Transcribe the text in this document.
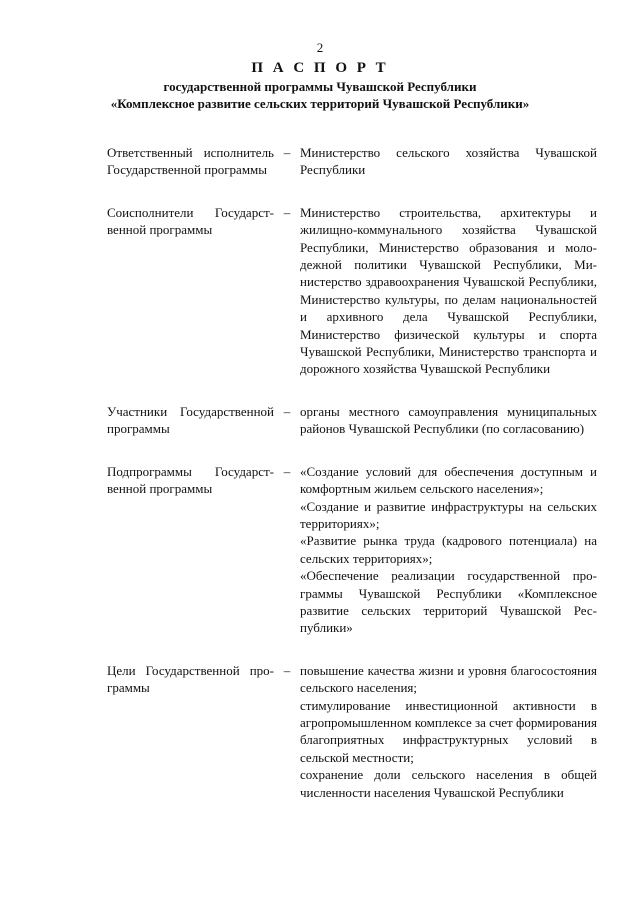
2
П А С П О Р Т
государственной программы Чувашской Республики
«Комплексное развитие сельских территорий Чувашской Республики»
Ответственный исполнитель Государственной программы
– Министерство сельского хозяйства Чувашской Республики

Соисполнители Государственной программы
– Министерство строительства, архитектуры и жилищно-коммунального хозяйства Чувашской Республики, Министерство образования и молодежной политики Чувашской Республики, Министерство здравоохранения Чувашской Республики, Министерство культуры, по делам национальностей и архивного дела Чувашской Республики, Министерство физической культуры и спорта Чувашской Республики, Министерство транспорта и дорожного хозяйства Чувашской Республики

Участники Государственной программы
– органы местного самоуправления муниципальных районов Чувашской Республики (по согласованию)

Подпрограммы Государственной программы
– «Создание условий для обеспечения доступным и комфортным жильем сельского населения»;

«Создание и развитие инфраструктуры на сельских территориях»;

«Развитие рынка труда (кадрового потенциала) на сельских территориях»;

«Обеспечение реализации государственной программы Чувашской Республики «Комплексное развитие сельских территорий Чувашской Республики»

Цели Государственной программы
– повышение качества жизни и уровня благосостояния сельского населения;

стимулирование инвестиционной активности в агропромышленном комплексе за счет формирования благоприятных инфраструктурных условий в сельской местности;

сохранение доли сельского населения в общей численности населения Чувашской Республики
